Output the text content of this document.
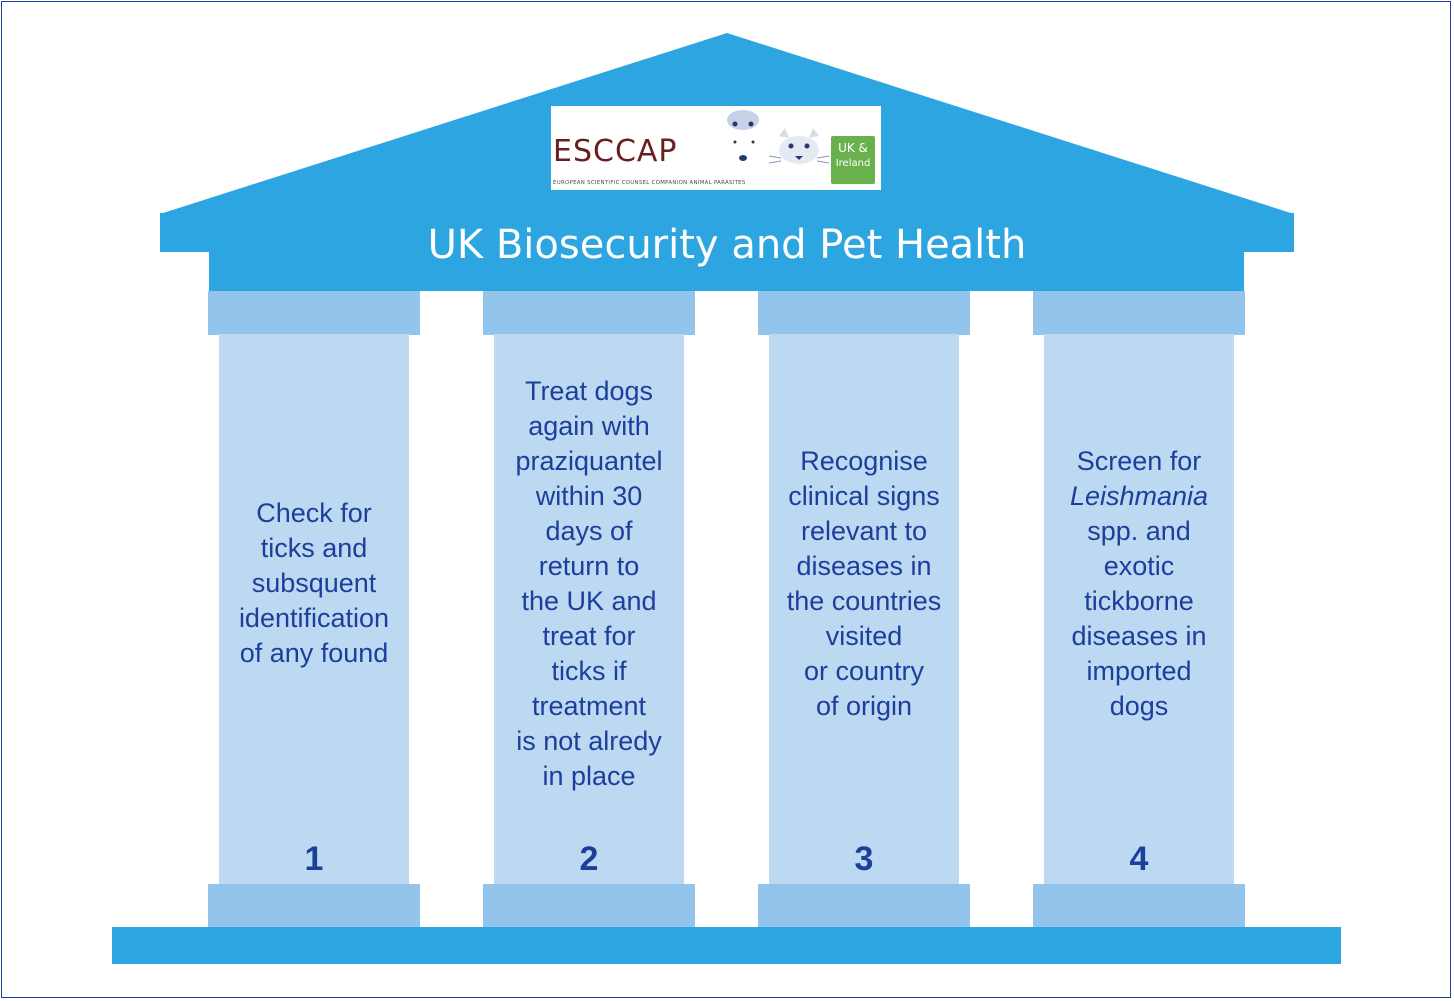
ESCCAP
EUROPEAN SCIENTIFIC COUNSEL COMPANION ANIMAL PARASITES
UK &
Ireland
UK Biosecurity and Pet Health
Check for
ticks and
subsquent
identification
of any found
1
Treat dogs
again with
praziquantel
within 30
days of
return to
the UK and
treat for
ticks if
treatment
is not alredy
in place
2
Recognise
clinical signs
relevant to
diseases in
the countries
visited
or country
of origin
3
Screen for
Leishmania
spp. and
exotic
tickborne
diseases in
imported
dogs
4
